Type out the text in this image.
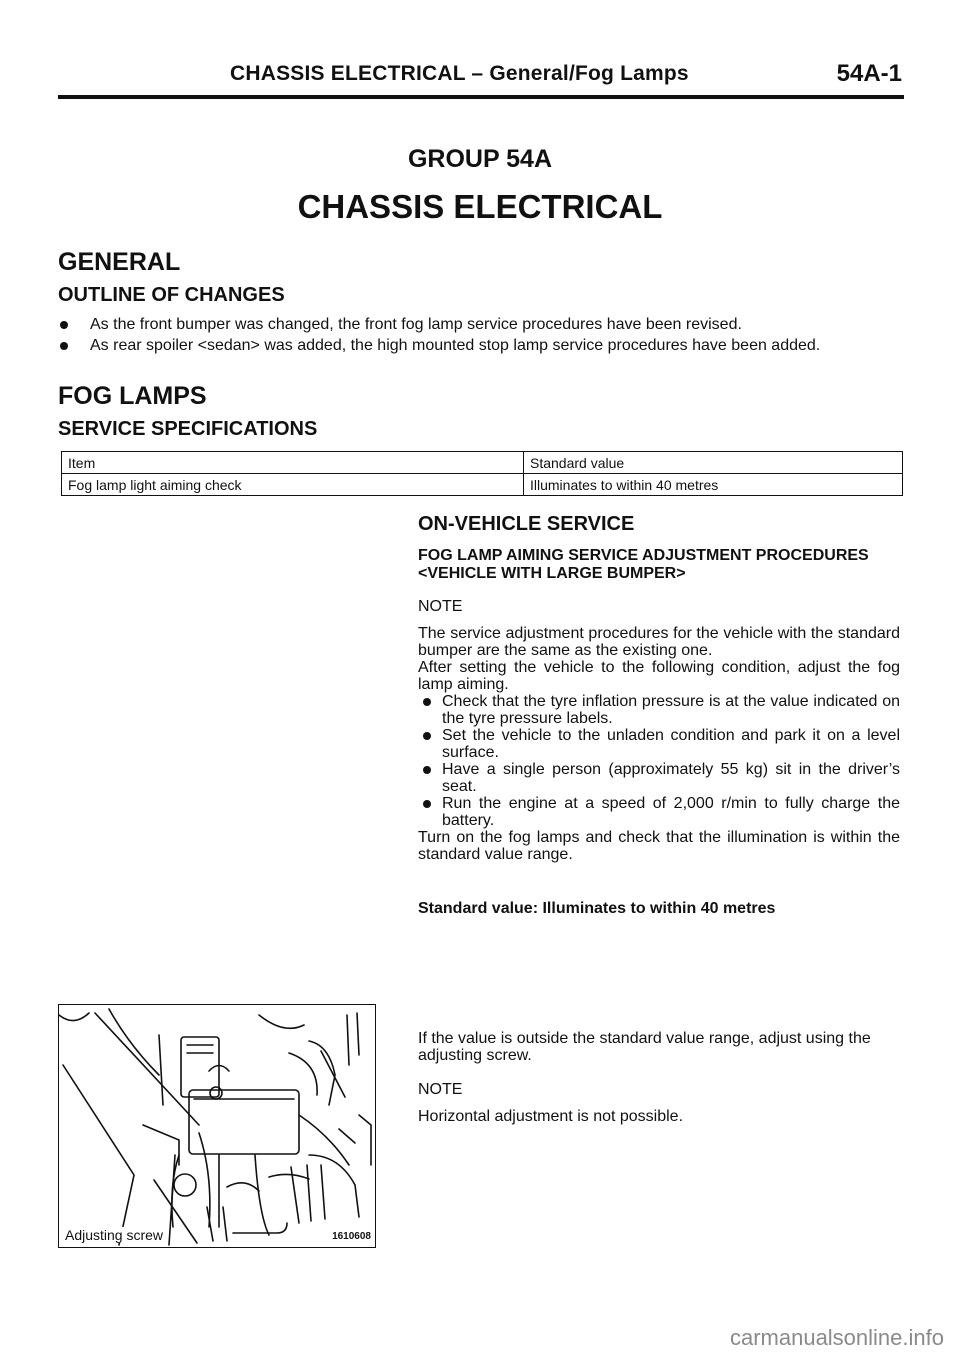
CHASSIS ELECTRICAL – General/Fog Lamps	54A-1
GROUP 54A
CHASSIS ELECTRICAL
GENERAL
OUTLINE OF CHANGES
As the front bumper was changed, the front fog lamp service procedures have been revised.
As rear spoiler <sedan> was added, the high mounted stop lamp service procedures have been added.
FOG LAMPS
SERVICE SPECIFICATIONS
Item	Standard value
Fog lamp light aiming check	Illuminates to within 40 metres
ON-VEHICLE SERVICE
FOG LAMP AIMING SERVICE ADJUSTMENT PROCEDURES <VEHICLE WITH LARGE BUMPER>
NOTE

The service adjustment procedures for the vehicle with the standard bumper are the same as the existing one.

After setting the vehicle to the following condition, adjust the fog lamp aiming.

Check that the tyre inflation pressure is at the value indicated on the tyre pressure labels.
Set the vehicle to the unladen condition and park it on a level surface.
Have a single person (approximately 55 kg) sit in the driver’s seat.
Run the engine at a speed of 2,000 r/min to fully charge the battery.

Turn on the fog lamps and check that the illumination is within the standard value range.

Standard value: Illuminates to within 40 metres
If the value is outside the standard value range, adjust using the adjusting screw.
NOTE
Horizontal adjustment is not possible.
Adjusting screw	1610608
carmanualsonline.info
